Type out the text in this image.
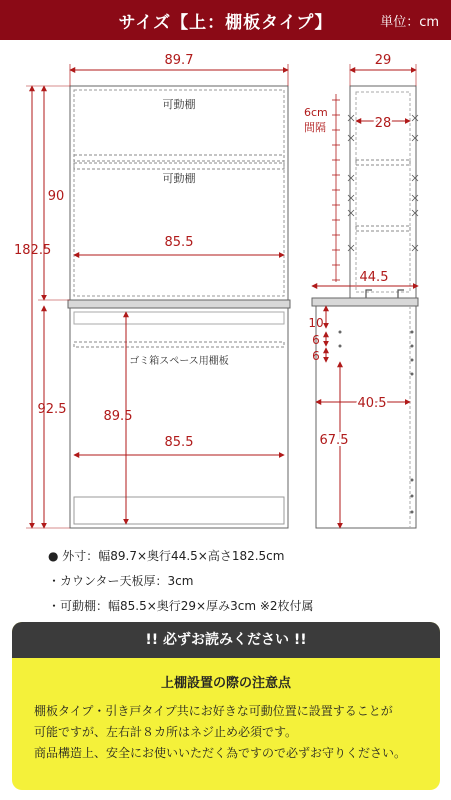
サイズ【上：棚板タイプ】	単位：cm
89.7
可動棚
可動棚
85.5
182.5
90
92.5
ゴミ箱スペース用棚板
89.5
85.5
29
6cm
間隔	28
44.5
10
6
6
40.5
67.5
● 外寸：幅89.7×奥行44.5×高さ182.5cm
・カウンター天板厚：3cm
・可動棚：幅85.5×奥行29×厚み3cm ※2枚付属
!! 必ずお読みください !!
上棚設置の際の注意点
棚板タイプ・引き戸タイプ共にお好きな可動位置に設置することが
可能ですが、左右計８カ所はネジ止め必須です。
商品構造上、安全にお使いいただく為ですので必ずお守りください。
